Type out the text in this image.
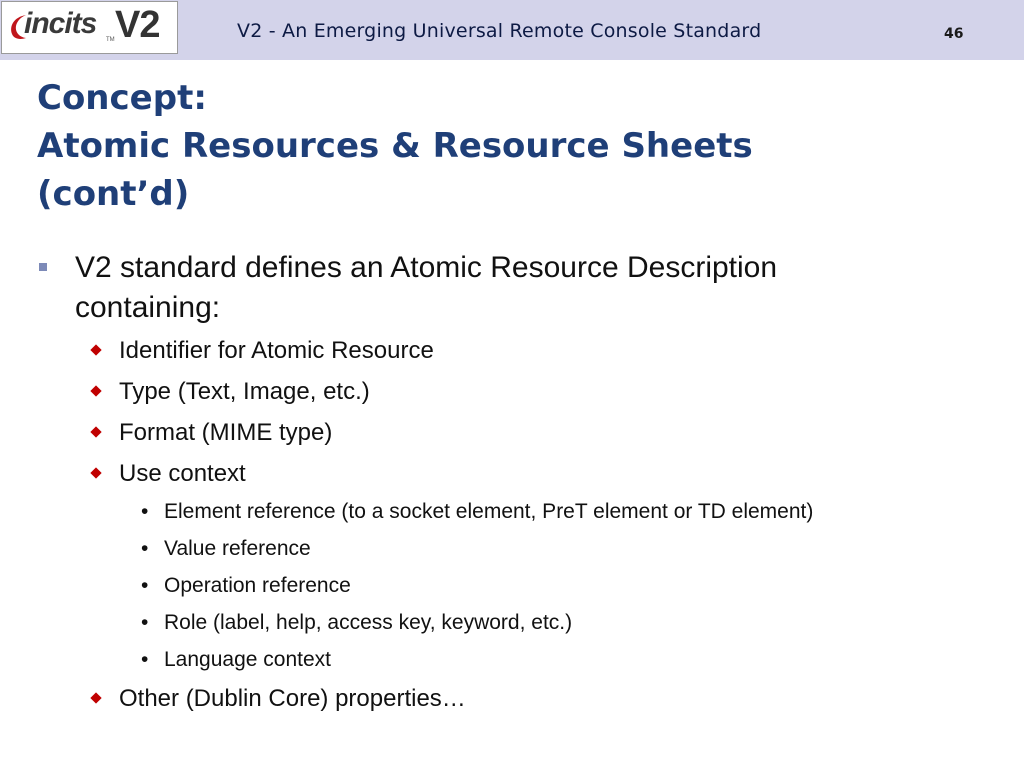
incits TM V2	V2 - An Emerging Universal Remote Console Standard	46
Concept:
Atomic Resources & Resource Sheets
(cont’d)
V2 standard defines an Atomic Resource Description
containing:
Identifier for Atomic Resource
Type (Text, Image, etc.)
Format (MIME type)
Use context
• Element reference (to a socket element, PreT element or TD element)
• Value reference
• Operation reference
• Role (label, help, access key, keyword, etc.)
• Language context
Other (Dublin Core) properties…
